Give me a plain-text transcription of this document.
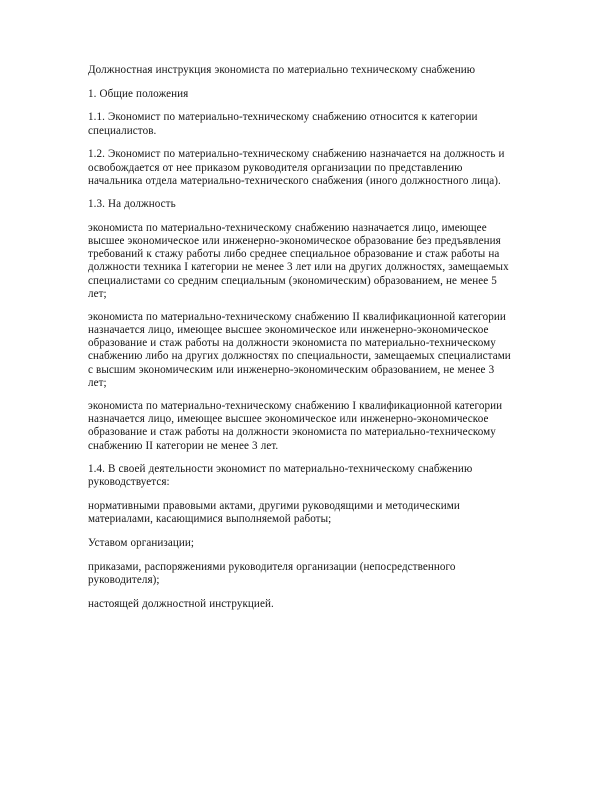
Должностная инструкция экономиста по материально техническому снабжению

1. Общие положения

1.1. Экономист по материально-техническому снабжению относится к категории специалистов.

1.2. Экономист по материально-техническому снабжению назначается на должность и освобождается от нее приказом руководителя организации по представлению начальника отдела материально-технического снабжения (иного должностного лица).

1.3. На должность

экономиста по материально-техническому снабжению назначается лицо, имеющее высшее экономическое или инженерно-экономическое образование без предъявления требований к стажу работы либо среднее специальное образование и стаж работы на должности техника I категории не менее 3 лет или на других должностях, замещаемых специалистами со средним специальным (экономическим) образованием, не менее 5 лет;

экономиста по материально-техническому снабжению II квалификационной категории назначается лицо, имеющее высшее экономическое или инженерно-экономическое образование и стаж работы на должности экономиста по материально-техническому снабжению либо на других должностях по специальности, замещаемых специалистами с высшим экономическим или инженерно-экономическим образованием, не менее 3 лет;

экономиста по материально-техническому снабжению I квалификационной категории назначается лицо, имеющее высшее экономическое или инженерно-экономическое образование и стаж работы на должности экономиста по материально-техническому снабжению II категории не менее 3 лет.

1.4. В своей деятельности экономист по материально-техническому снабжению руководствуется:

нормативными правовыми актами, другими руководящими и методическими материалами, касающимися выполняемой работы;

Уставом организации;

приказами, распоряжениями руководителя организации (непосредственного руководителя);

настоящей должностной инструкцией.
